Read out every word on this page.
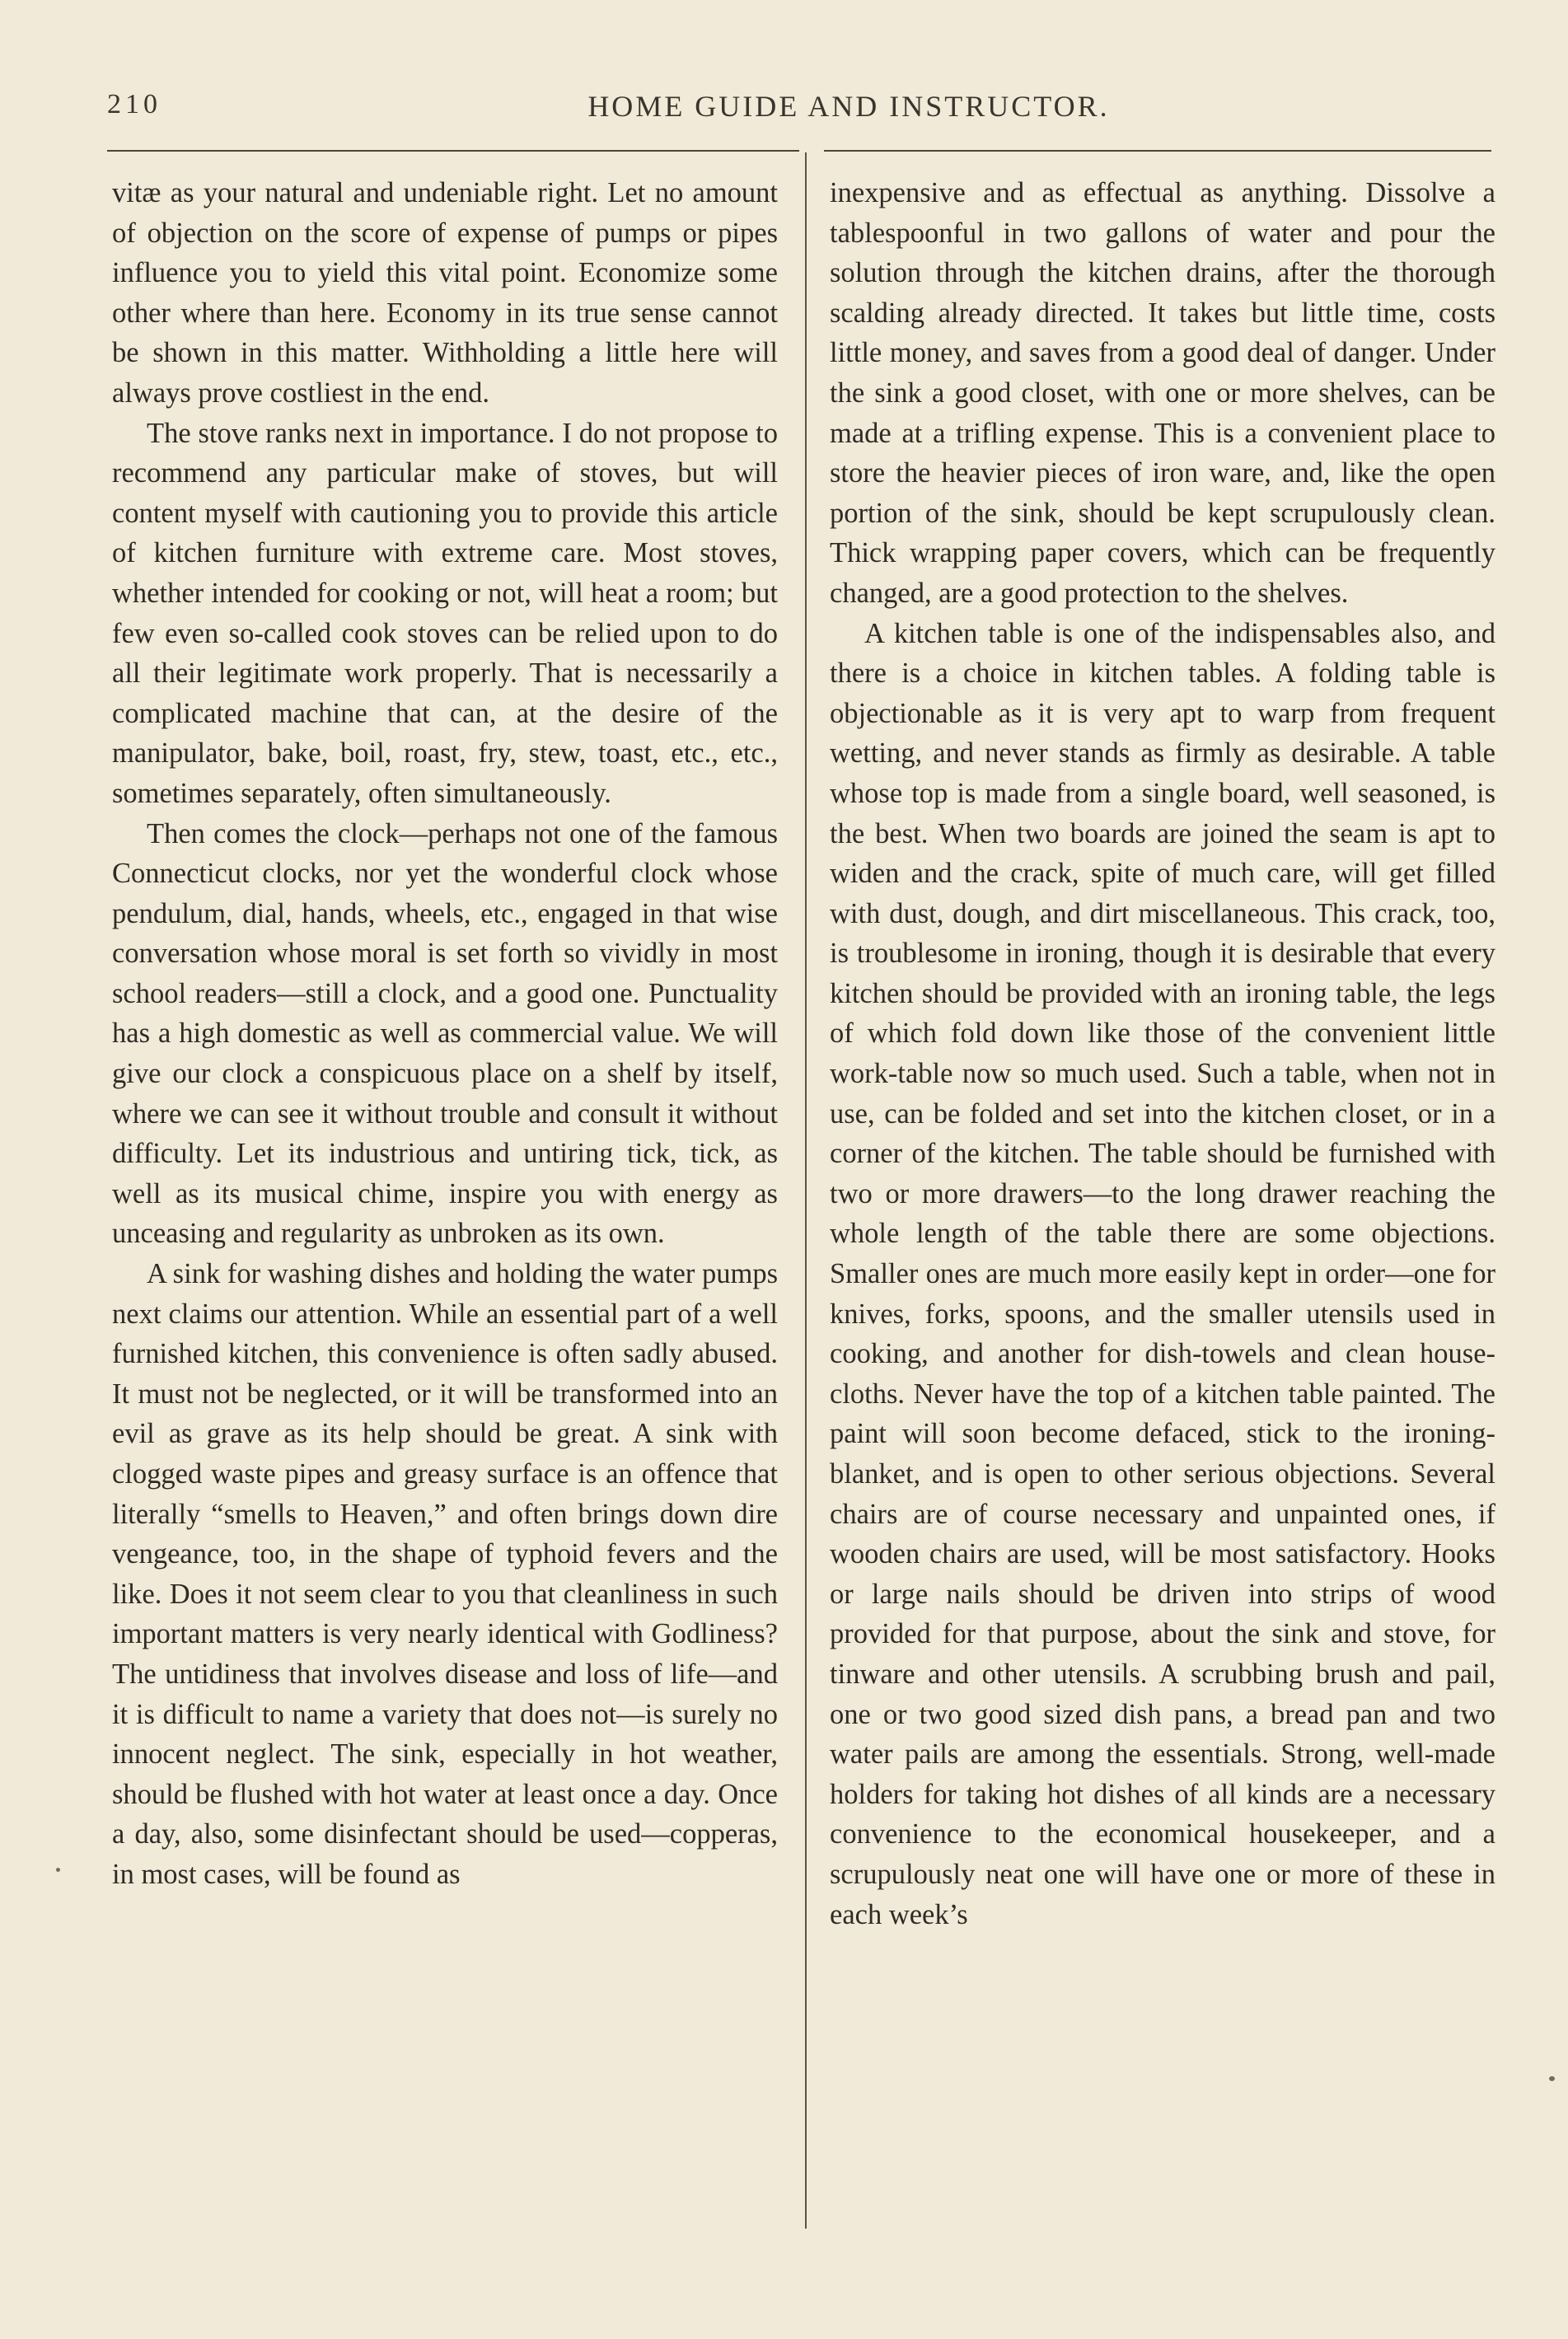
210	HOME GUIDE AND INSTRUCTOR.

vitæ as your natural and undeniable right. Let no amount of objection on the score of expense of pumps or pipes influence you to yield this vital point. Economize some other where than here. Economy in its true sense cannot be shown in this matter. Withholding a little here will always prove costliest in the end.

The stove ranks next in importance. I do not propose to recommend any particular make of stoves, but will content myself with cautioning you to provide this article of kitchen furniture with extreme care. Most stoves, whether intended for cooking or not, will heat a room; but few even so-called cook stoves can be relied upon to do all their legitimate work properly. That is necessarily a complicated machine that can, at the desire of the manipulator, bake, boil, roast, fry, stew, toast, etc., etc., sometimes separately, often simultaneously.

Then comes the clock—perhaps not one of the famous Connecticut clocks, nor yet the wonderful clock whose pendulum, dial, hands, wheels, etc., engaged in that wise conversation whose moral is set forth so vividly in most school readers—still a clock, and a good one. Punctuality has a high domestic as well as commercial value. We will give our clock a conspicuous place on a shelf by itself, where we can see it without trouble and consult it without difficulty. Let its industrious and untiring tick, tick, as well as its musical chime, inspire you with energy as unceasing and regularity as unbroken as its own.

A sink for washing dishes and holding the water pumps next claims our attention. While an essential part of a well furnished kitchen, this convenience is often sadly abused. It must not be neglected, or it will be transformed into an evil as grave as its help should be great. A sink with clogged waste pipes and greasy surface is an offence that literally “smells to Heaven,” and often brings down dire vengeance, too, in the shape of typhoid fevers and the like. Does it not seem clear to you that cleanliness in such important matters is very nearly identical with Godliness? The untidiness that involves disease and loss of life—and it is difficult to name a variety that does not—is surely no innocent neglect. The sink, especially in hot weather, should be flushed with hot water at least once a day. Once a day, also, some disinfectant should be used—copperas, in most cases, will be found as

inexpensive and as effectual as anything. Dissolve a tablespoonful in two gallons of water and pour the solution through the kitchen drains, after the thorough scalding already directed. It takes but little time, costs little money, and saves from a good deal of danger. Under the sink a good closet, with one or more shelves, can be made at a trifling expense. This is a convenient place to store the heavier pieces of iron ware, and, like the open portion of the sink, should be kept scrupulously clean. Thick wrapping paper covers, which can be frequently changed, are a good protection to the shelves.

A kitchen table is one of the indispensables also, and there is a choice in kitchen tables. A folding table is objectionable as it is very apt to warp from frequent wetting, and never stands as firmly as desirable. A table whose top is made from a single board, well seasoned, is the best. When two boards are joined the seam is apt to widen and the crack, spite of much care, will get filled with dust, dough, and dirt miscellaneous. This crack, too, is troublesome in ironing, though it is desirable that every kitchen should be provided with an ironing table, the legs of which fold down like those of the convenient little work-table now so much used. Such a table, when not in use, can be folded and set into the kitchen closet, or in a corner of the kitchen. The table should be furnished with two or more drawers—to the long drawer reaching the whole length of the table there are some objections. Smaller ones are much more easily kept in order—one for knives, forks, spoons, and the smaller utensils used in cooking, and another for dish-towels and clean house-cloths. Never have the top of a kitchen table painted. The paint will soon become defaced, stick to the ironing-blanket, and is open to other serious objections. Several chairs are of course necessary and unpainted ones, if wooden chairs are used, will be most satisfactory. Hooks or large nails should be driven into strips of wood provided for that purpose, about the sink and stove, for tinware and other utensils. A scrubbing brush and pail, one or two good sized dish pans, a bread pan and two water pails are among the essentials. Strong, well-made holders for taking hot dishes of all kinds are a necessary convenience to the economical housekeeper, and a scrupulously neat one will have one or more of these in each week’s
